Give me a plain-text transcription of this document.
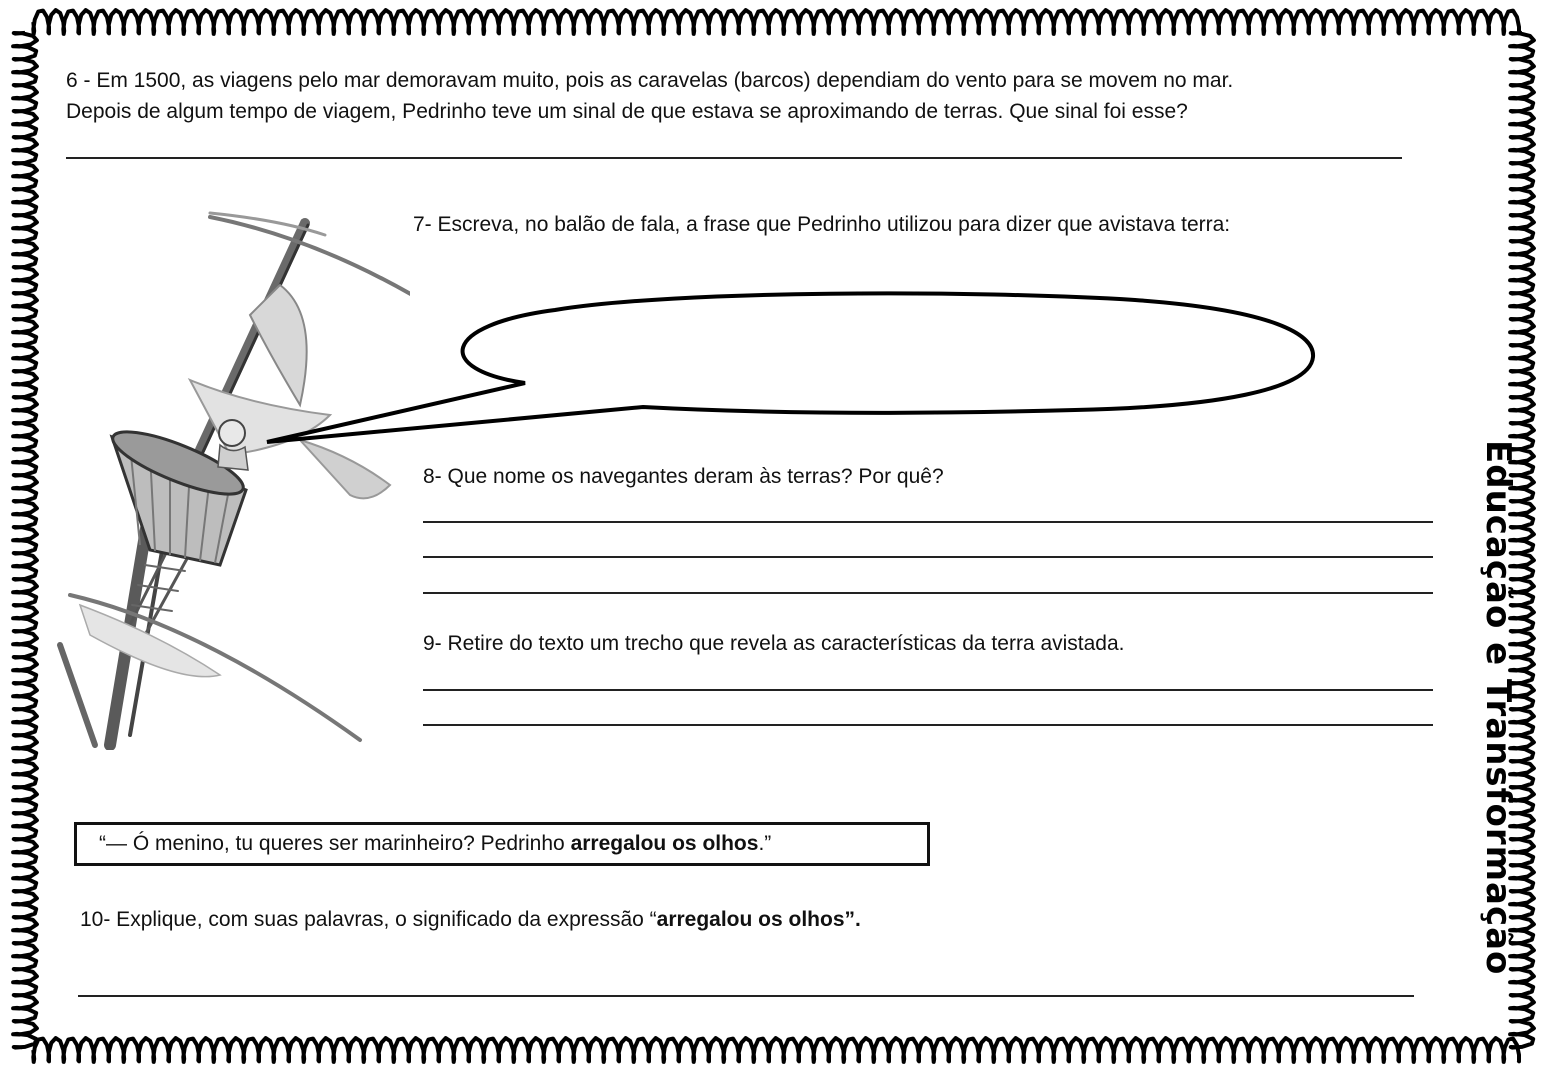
6 - Em 1500, as viagens pelo mar demoravam muito, pois as caravelas (barcos) dependiam do vento para se movem no mar.
Depois de algum tempo de viagem, Pedrinho teve um sinal de que estava se aproximando de terras. Que sinal foi esse?
7- Escreva, no balão de fala, a frase que Pedrinho utilizou para dizer que avistava terra:
8- Que nome os navegantes deram às terras? Por quê?
9- Retire do texto um trecho que revela as características da terra avistada.
“— Ó menino, tu queres ser marinheiro? Pedrinho arregalou os olhos.”
10- Explique, com suas palavras, o significado da expressão “arregalou os olhos”.	Educação e Transformação
